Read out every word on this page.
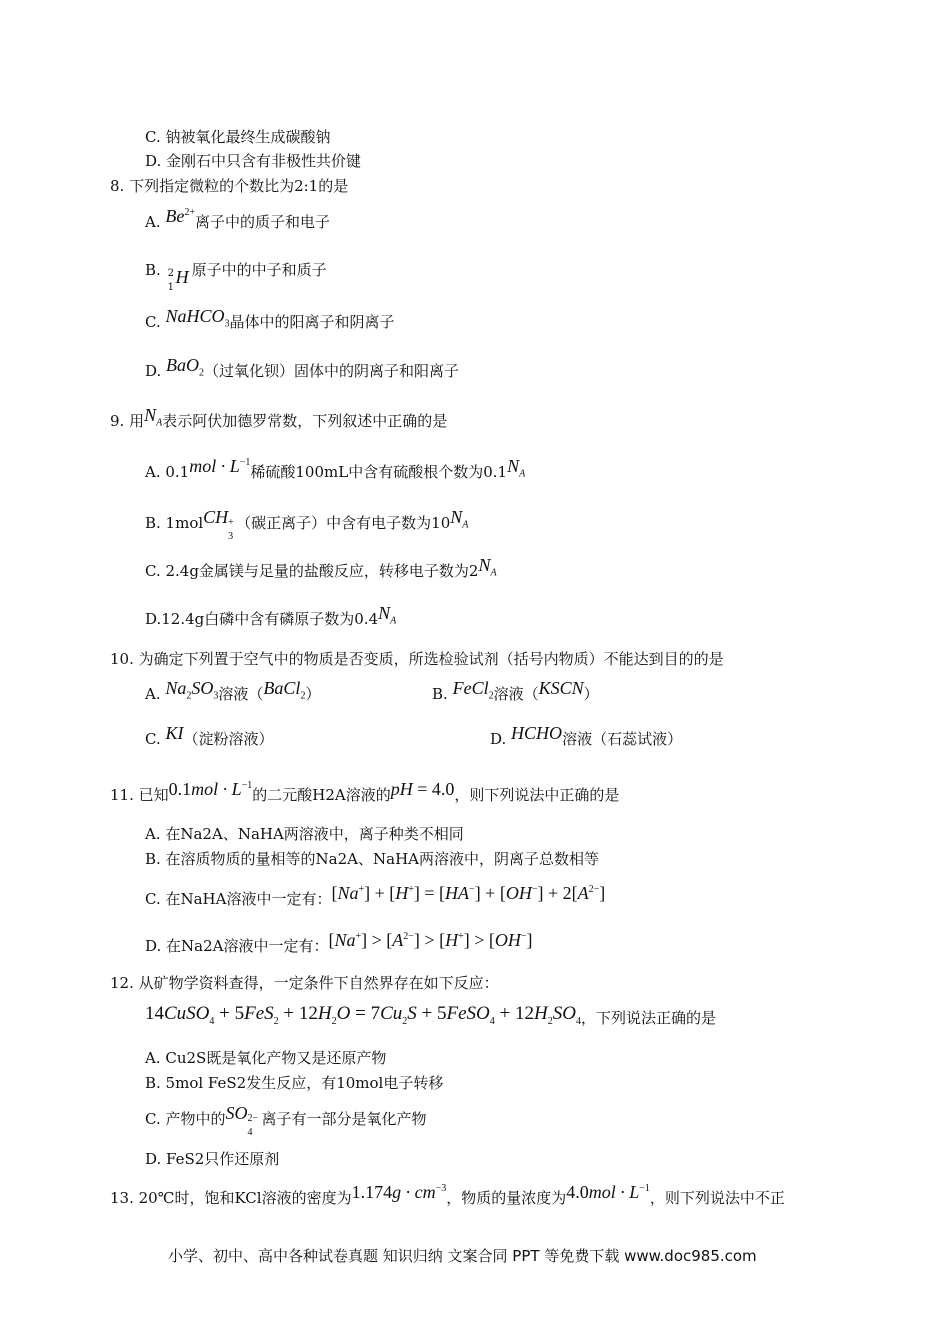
C. 钠被氧化最终生成碳酸钠
D. 金刚石中只含有非极性共价键
8. 下列指定微粒的个数比为2:1的是
A. $Be^{2+}$离子中的质子和电子
B. 2
1
H 原子中的中子和质子
C. NaHCO$_3$晶体中的阳离子和阴离子
D. BaO$_2$（过氧化钡）固体中的阴离子和阳离子
9. 用$N_A$表示阿伏加德罗常数，下列叙述中正确的是
A. $0.1mol \cdot L^{-1}$稀硫酸100mL中含有硫酸根个数为$0.1N_A$
B. 1molCH +
3
（碳正离子）中含有电子数为$10N_A$
C. 2.4g金属镁与足量的盐酸反应，转移电子数为$2N_A$
D.12.4g白磷中含有磷原子数为$0.4N_A$
10. 为确定下列置于空气中的物质是否变质，所选检验试剂（括号内物质）不能达到目的的是
A. $Na_2SO_3$溶液（BaCl$_2$）	B. FeCl$_2$溶液（KSCN）
C. KI（淀粉溶液）	D. HCHO溶液（石蕊试液）
11. 已知$0.1mol \cdot L^{-1}$的二元酸H2A溶液的pH = 4.0，则下列说法中正确的是
A. 在Na2A、NaHA两溶液中，离子种类不相同
B. 在溶质物质的量相等的Na2A、NaHA两溶液中，阴离子总数相等
C. 在NaHA溶液中一定有：$[Na^+] + [H^+] = [HA^-] + [OH^-] + 2[A^{2-}]$
D. 在Na2A溶液中一定有：$[Na^+] > [A^{2-}] > [H^+] > [OH^-]$
12. 从矿物学资料查得，一定条件下自然界存在如下反应：
14CuSO$_4$ + $5FeS_2 + 12H_2O = 7Cu_2S$ + 5FeSO$_4$ + $12H_2SO_4$，下列说法正确的是
A. Cu2S既是氧化产物又是还原产物
B. 5mol FeS2发生反应，有10mol电子转移
C. 产物中的SO 2−
4
离子有一部分是氧化产物
D. FeS2只作还原剂
13. 20℃时，饱和KCl溶液的密度为$1.174g \cdot cm^{-3}$，物质的量浓度为$4.0mol \cdot L^{-1}$，则下列说法中不正
小学、初中、高中各种试卷真题 知识归纳 文案合同 PPT 等免费下载 www.doc985.com
